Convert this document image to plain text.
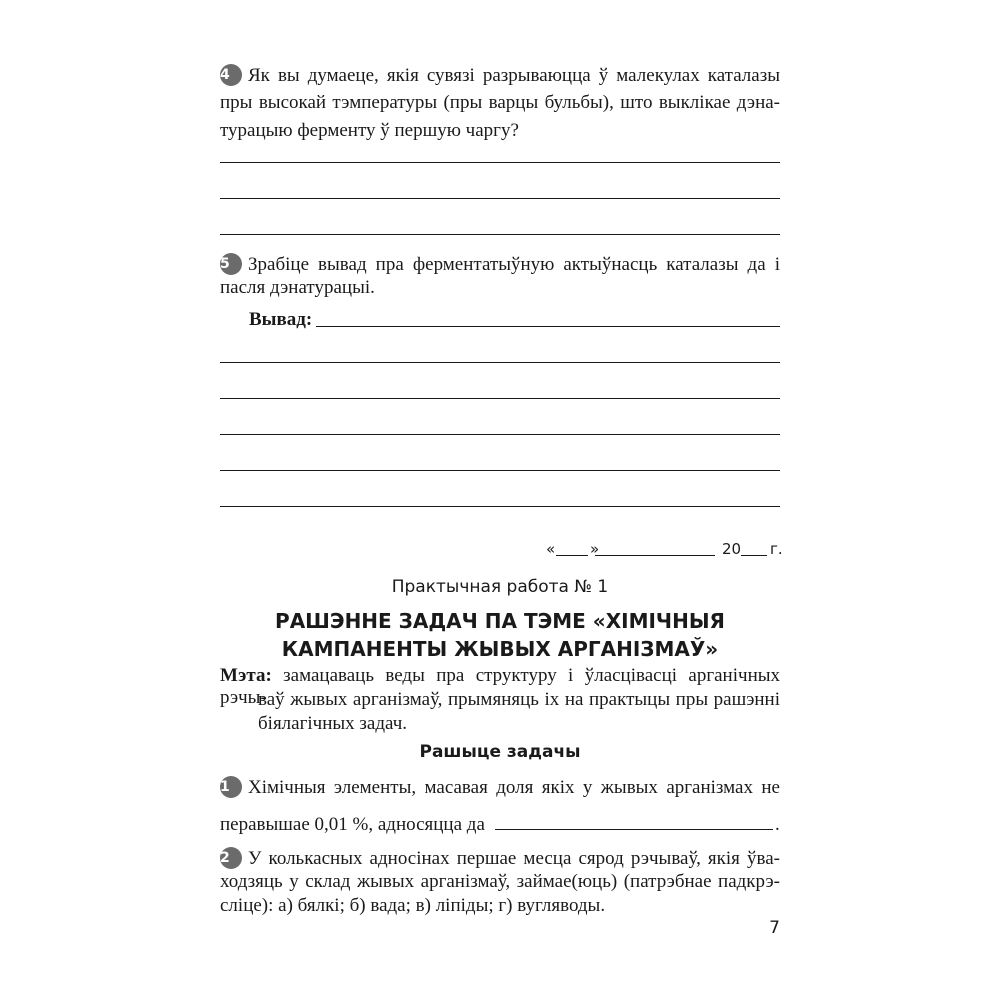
4 Як вы думаеце, якія сувязі разрываюцца ў малекулах каталазы
пры высокай тэмпературы (пры варцы бульбы), што выклікае дэна-
турацыю ферменту ў першую чаргу?
5 Зрабіце вывад пра ферментатыўную актыўнасць каталазы да і
пасля дэнатурацыі.
Вывад:
« »	20 г.
Практычная работа № 1
РАШЭННЕ ЗАДАЧ ПА ТЭМЕ «ХІМІЧНЫЯ
КАМПАНЕНТЫ ЖЫВЫХ АРГАНІЗМАЎ»
Мэта: замацаваць веды пра структуру і ўласцівасці арганічных рэчы-
ваў жывых арганізмаў, прымяняць іх на практыцы пры рашэнні
біялагічных задач.
Рашыце задачы
1 Хімічныя элементы, масавая доля якіх у жывых арганізмах не
перавышае 0,01 %, адносяцца да	.
2 У колькасных адносінах першае месца сярод рэчываў, якія ўва-
ходзяць у склад жывых арганізмаў, займае(юць) (патрэбнае падкрэ-
сліце): а) бялкі; б) вада; в) ліпіды; г) вугляводы.
7
